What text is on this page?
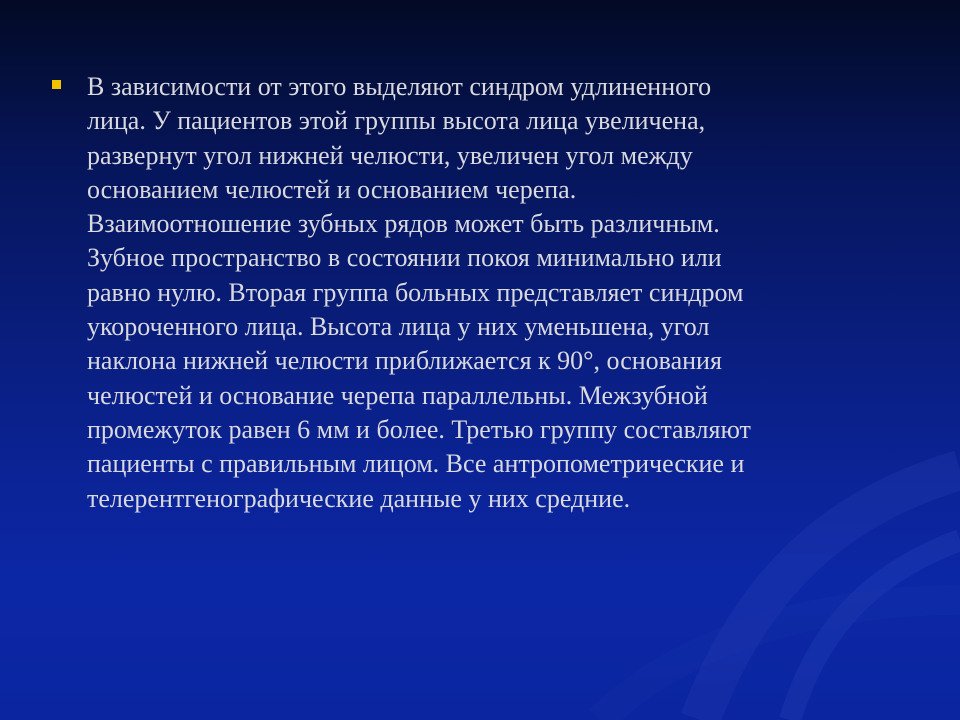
В зависимости от этого выделяют синдром удлиненного
лица. У пациентов этой группы высота лица увеличена,
развернут угол нижней челюсти, увеличен угол между
основанием челюстей и основанием черепа.
Взаимоотношение зубных рядов может быть различным.
Зубное пространство в состоянии покоя минимально или
равно нулю. Вторая группа больных представляет синдром
укороченного лица. Высота лица у них уменьшена, угол
наклона нижней челюсти приближается к 90°, основания
челюстей и основание черепа параллельны. Межзубной
промежуток равен 6 мм и более. Третью группу составляют
пациенты с правильным лицом. Все антропометрические и
телерентгенографические данные у них средние.
